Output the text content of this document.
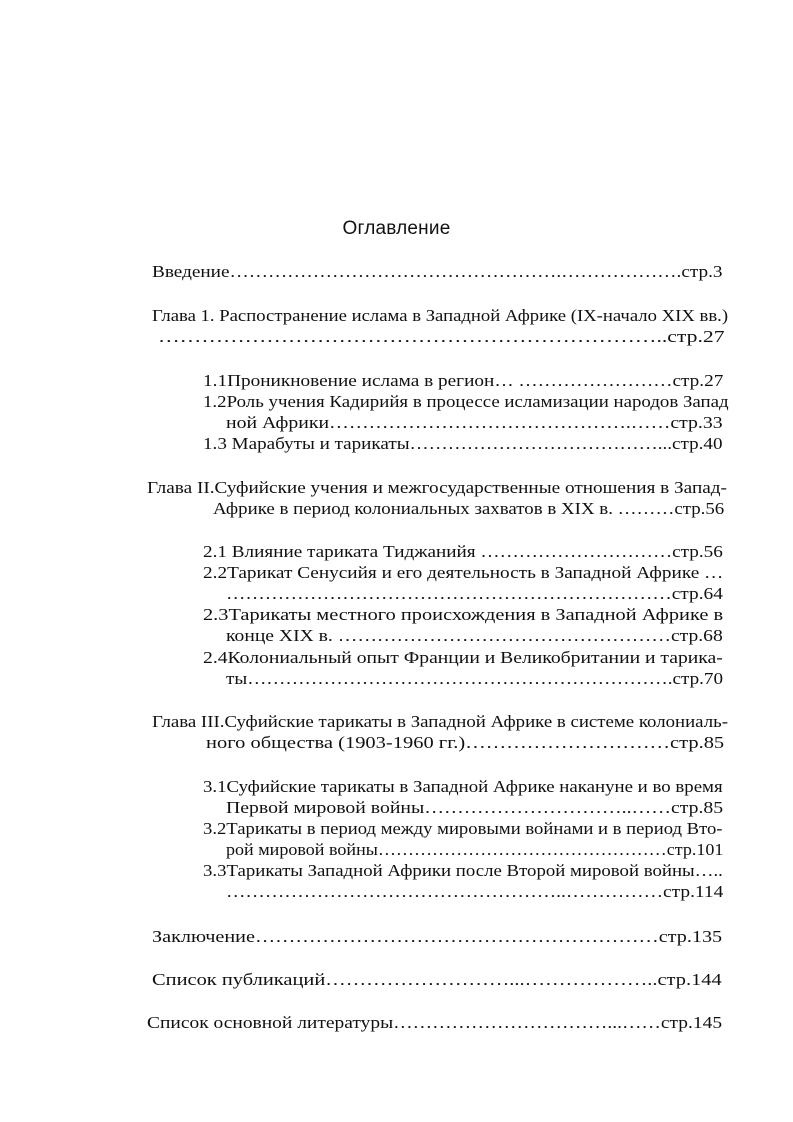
Оглавление
Введение…………………………………………….……………….стр.3
Глава 1. Распостранение ислама в Западной Африке (IX-начало XIX вв.)
……………………………………………………………..стр.27
1.1Проникновение ислама в регион… ……………………стр.27
1.2Роль учения Кадирийя в процессе исламизации народов Запад
ной Африки……………………………………….……стр.33
1.3 Марабуты и тарикаты…………………………………...стр.40
Глава II.Суфийские учения и межгосударственные отношения в Запад-
Африке в период колониальных захватов в XIX в. ………стр.56
2.1 Влияние тариката Тиджанийя …………………………стр.56
2.2Тарикат Сенусийя и его деятельность в Западной Африке …
……………………………………………………………стр.64
2.3Тарикаты местного происхождения в Западной Африке в
конце XIX в. ……………………………………………стр.68
2.4Колониальный опыт Франции и Великобритании и тарика-
ты………………………………………………………….стр.70
Глава III.Суфийские тарикаты в Западной Африке в системе колониаль-
ного общества (1903-1960 гг.)…………………………стр.85
3.1Суфийские тарикаты в Западной Африке накануне и во время
Первой мировой войны…………………………..……стр.85
3.2Тарикаты в период между мировыми войнами и в период Вто-
рой мировой войны…………………………………………стр.101
3.3Тарикаты Западной Африки после Второй мировой войны…..
……………………………………………..……………стр.114
Заключение……………………………………………………стр.135
Список публикаций………………………...………………..стр.144
Список основной литературы……………………………...……стр.145
